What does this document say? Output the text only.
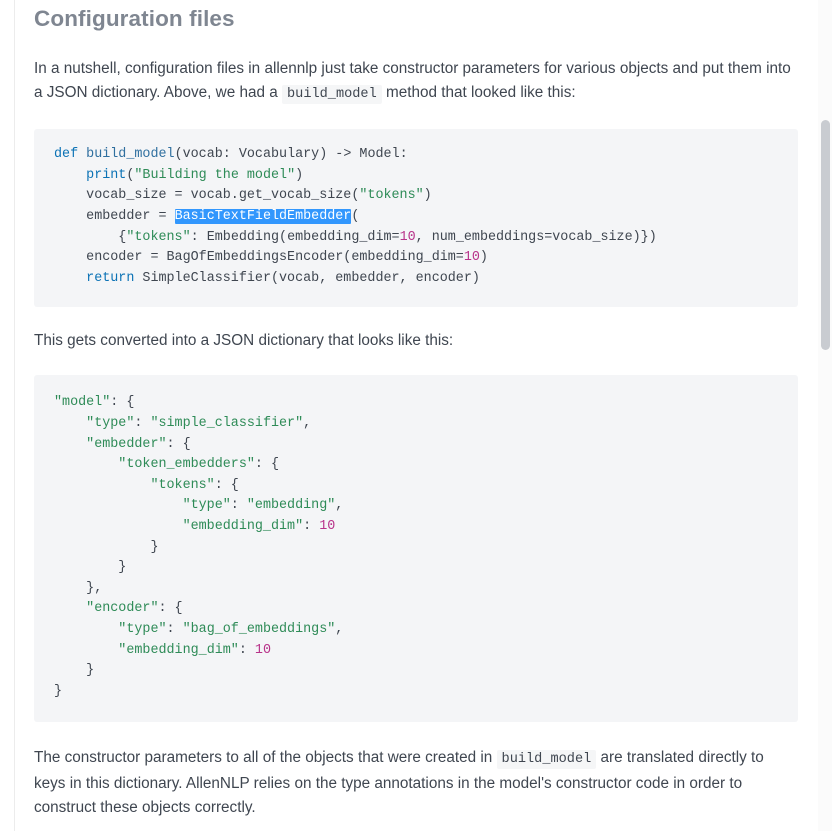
Configuration files

In a nutshell, configuration files in allennlp just take constructor parameters for various objects and put them into a JSON dictionary. Above, we had a build_model method that looked like this:

def build_model(vocab: Vocabulary) -> Model:
print("Building the model")
vocab_size = vocab.get_vocab_size("tokens")
embedder = BasicTextFieldEmbedder(
{"tokens": Embedding(embedding_dim=10, num_embeddings=vocab_size)})
encoder = BagOfEmbeddingsEncoder(embedding_dim=10)
return SimpleClassifier(vocab, embedder, encoder)

This gets converted into a JSON dictionary that looks like this:

"model": {
"type": "simple_classifier",
"embedder": {
"token_embedders": {
"tokens": {
"type": "embedding",
"embedding_dim": 10
}
}
},
"encoder": {
"type": "bag_of_embeddings",
"embedding_dim": 10
}
}

The constructor parameters to all of the objects that were created in build_model are translated directly to keys in this dictionary. AllenNLP relies on the type annotations in the model's constructor code in order to construct these objects correctly.
